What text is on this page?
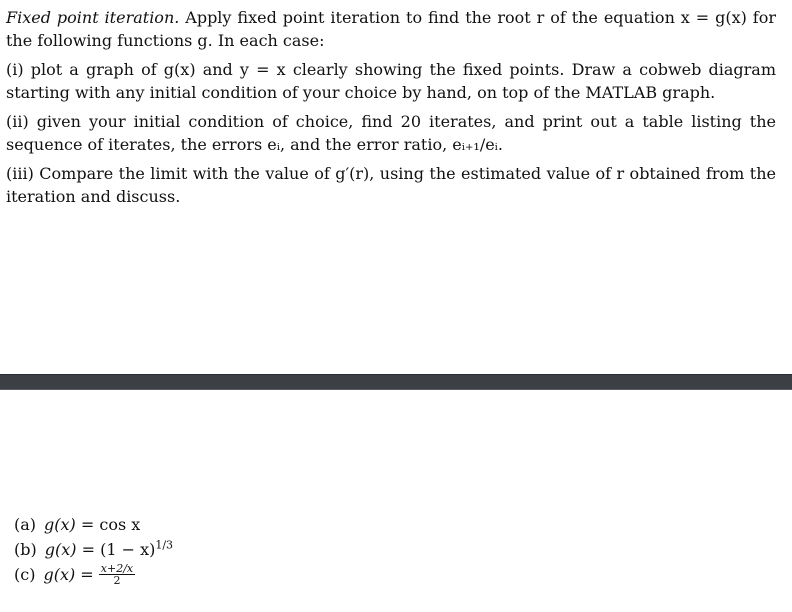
Fixed point iteration. Apply fixed point iteration to find the root r of the equation x = g(x) for the following functions g. In each case:

(i) plot a graph of g(x) and y = x clearly showing the fixed points. Draw a cobweb diagram starting with any initial condition of your choice by hand, on top of the MATLAB graph.

(ii) given your initial condition of choice, find 20 iterates, and print out a table listing the sequence of iterates, the errors eᵢ, and the error ratio, eᵢ₊₁/eᵢ.

(iii) Compare the limit with the value of g′(r), using the estimated value of r obtained from the iteration and discuss.

(a) g(x) = cos x
(b) $g(x) = (1 - x)^{1/3}$
(c) $g(x) = \frac{x+2/x}{2}$
